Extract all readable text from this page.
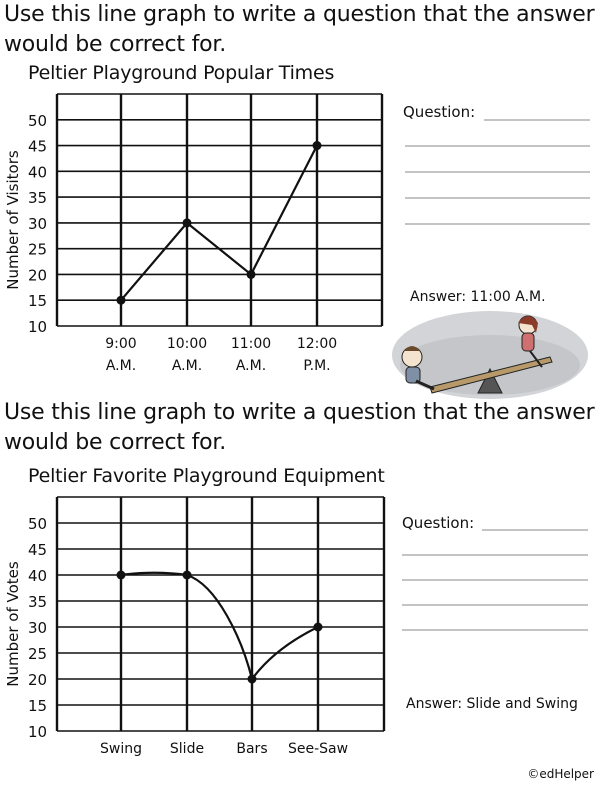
Use this line graph to write a question that the answer
would be correct for.
Peltier Playground Popular Times
10
15
20
25
30
35
40
45
50
Number of Visitors
9:00
A.M.
10:00
A.M.
11:00
A.M.
12:00
P.M.
Question:
Answer: 11:00 A.M.
Use this line graph to write a question that the answer
would be correct for.
Peltier Favorite Playground Equipment
10
15
20
25
30
35
40
45
50
Number of Votes
Swing Slide Bars See-Saw
Question:
Answer: Slide and Swing
©edHelper
